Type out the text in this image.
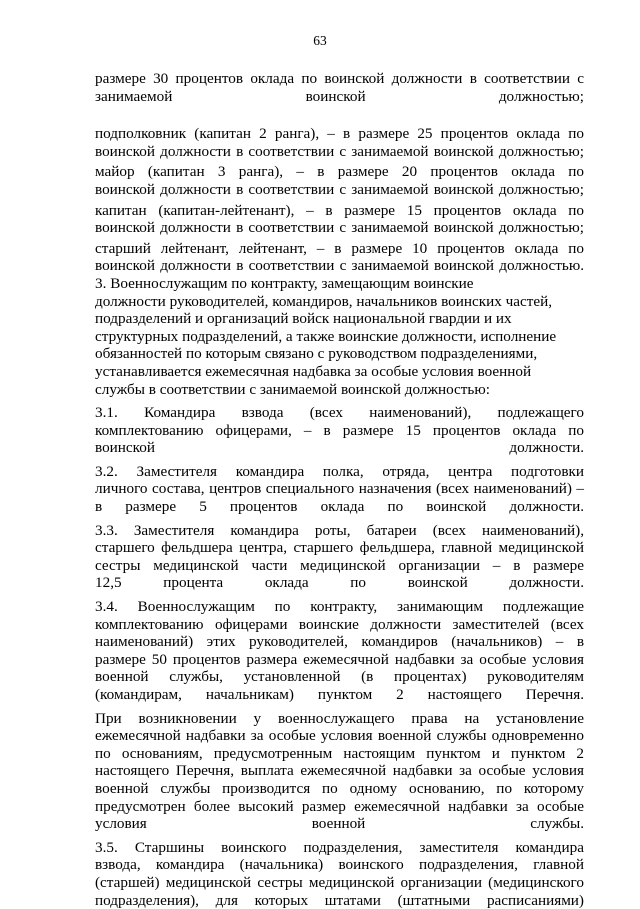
63

размере 30 процентов оклада по воинской должности в соответствии с
занимаемой воинской должностью;

подполковник (капитан 2 ранга), – в размере 25 процентов оклада по
воинской должности в соответствии с занимаемой воинской должностью;

майор (капитан 3 ранга), – в размере 20 процентов оклада по
воинской должности в соответствии с занимаемой воинской должностью;

капитан (капитан-лейтенант), – в размере 15 процентов оклада по
воинской должности в соответствии с занимаемой воинской должностью;

старший лейтенант, лейтенант, – в размере 10 процентов оклада по
воинской должности в соответствии с занимаемой воинской должностью.

3. Военнослужащим по контракту, замещающим воинские
должности руководителей, командиров, начальников воинских частей,
подразделений и организаций войск национальной гвардии и их
структурных подразделений, а также воинские должности, исполнение
обязанностей по которым связано с руководством подразделениями,
устанавливается ежемесячная надбавка за особые условия военной
службы в соответствии с занимаемой воинской должностью:

3.1. Командира взвода (всех наименований), подлежащего
комплектованию офицерами, – в размере 15 процентов оклада по
воинской должности.

3.2. Заместителя командира полка, отряда, центра подготовки
личного состава, центров специального назначения (всех наименований) –
в размере 5 процентов оклада по воинской должности.

3.3. Заместителя командира роты, батареи (всех наименований),
старшего фельдшера центра, старшего фельдшера, главной медицинской
сестры медицинской части медицинской организации – в размере
12,5 процента оклада по воинской должности.

3.4. Военнослужащим по контракту, занимающим подлежащие
комплектованию офицерами воинские должности заместителей (всех
наименований) этих руководителей, командиров (начальников) – в
размере 50 процентов размера ежемесячной надбавки за особые условия
военной службы, установленной (в процентах) руководителям
(командирам, начальникам) пунктом 2 настоящего Перечня.

При возникновении у военнослужащего права на установление
ежемесячной надбавки за особые условия военной службы одновременно
по основаниям, предусмотренным настоящим пунктом и пунктом 2
настоящего Перечня, выплата ежемесячной надбавки за особые условия
военной службы производится по одному основанию, по которому
предусмотрен более высокий размер ежемесячной надбавки за особые
условия военной службы.

3.5. Старшины воинского подразделения, заместителя командира
взвода, командира (начальника) воинского подразделения, главной
(старшей) медицинской сестры медицинской организации (медицинского
подразделения), для которых штатами (штатными расписаниями)
